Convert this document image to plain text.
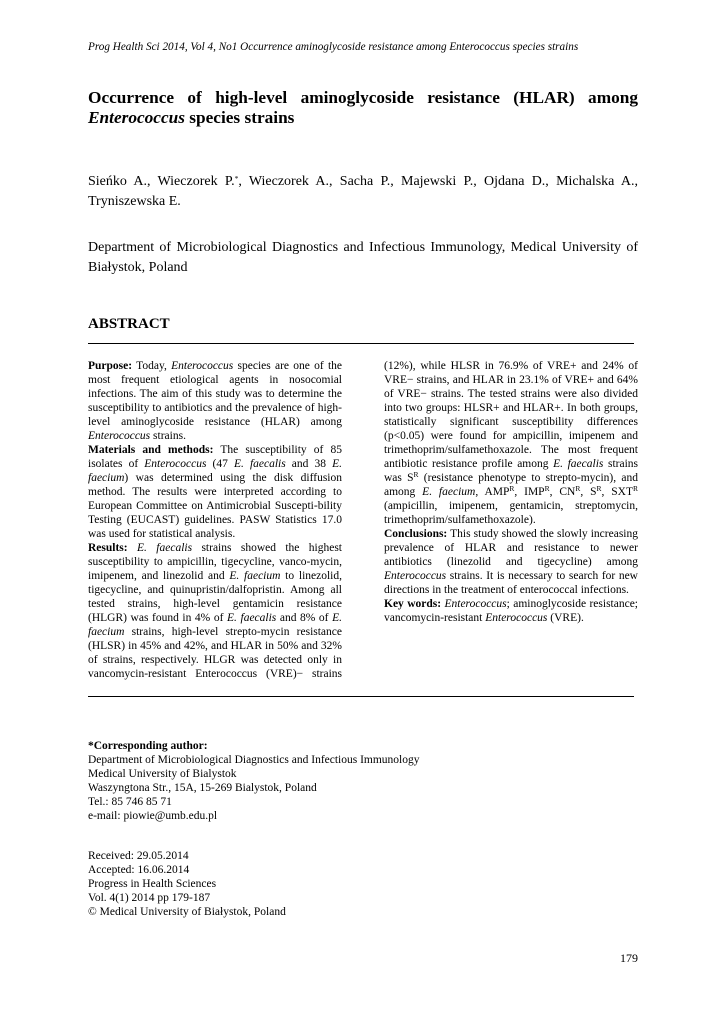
Prog Health Sci 2014, Vol 4, No1 Occurrence aminoglycoside resistance among Enterococcus species strains
Occurrence of high-level aminoglycoside resistance (HLAR) among Enterococcus species strains
Sieńko A., Wieczorek P.*, Wieczorek A., Sacha P., Majewski P., Ojdana D., Michalska A., Tryniszewska E.
Department of Microbiological Diagnostics and Infectious Immunology, Medical University of Białystok, Poland
ABSTRACT

Purpose: Today, Enterococcus species are one of the most frequent etiological agents in nosocomial infections. The aim of this study was to determine the susceptibility to antibiotics and the prevalence of high-level aminoglycoside resistance (HLAR) among Enterococcus strains.

Materials and methods: The susceptibility of 85 isolates of Enterococcus (47 E. faecalis and 38 E. faecium) was determined using the disk diffusion method. The results were interpreted according to European Committee on Antimicrobial Suscepti-bility Testing (EUCAST) guidelines. PASW Statistics 17.0 was used for statistical analysis.

Results: E. faecalis strains showed the highest susceptibility to ampicillin, tigecycline, vanco-mycin, imipenem, and linezolid and E. faecium to linezolid, tigecycline, and quinupristin/dalfopristin. Among all tested strains, high-level gentamicin resistance (HLGR) was found in 4% of E. faecalis and 8% of E. faecium strains, high-level strepto-mycin resistance (HLSR) in 45% and 42%, and HLAR in 50% and 32% of strains, respectively. HLGR was detected only in vancomycin-resistant Enterococcus (VRE)− strains (12%), while HLSR in 76.9% of VRE+ and 24% of VRE− strains, and HLAR in 23.1% of VRE+ and 64% of VRE− strains. The tested strains were also divided into two groups: HLSR+ and HLAR+. In both groups, statistically significant susceptibility differences (p<0.05) were found for ampicillin, imipenem and trimethoprim/sulfamethoxazole. The most frequent antibiotic resistance profile among E. faecalis strains was $S^R$ (resistance phenotype to strepto-mycin), and among E. faecium, $AMP^R$, $IMP^R$, $CN^R$, $S^R$, $SXT^R$ (ampicillin, imipenem, gentamicin, streptomycin, trimethoprim/sulfamethoxazole).

Conclusions: This study showed the slowly increasing prevalence of HLAR and resistance to newer antibiotics (linezolid and tigecycline) among Enterococcus strains. It is necessary to search for new directions in the treatment of enterococcal infections.

Key words: Enterococcus; aminoglycoside resistance; vancomycin-resistant Enterococcus (VRE).

*Corresponding author:
Department of Microbiological Diagnostics and Infectious Immunology
Medical University of Bialystok
Waszyngtona Str., 15A, 15-269 Bialystok, Poland
Tel.: 85 746 85 71
e-mail: piowie@umb.edu.pl
Received: 29.05.2014
Accepted: 16.06.2014
Progress in Health Sciences
Vol. 4(1) 2014 pp 179-187
© Medical University of Białystok, Poland
179
